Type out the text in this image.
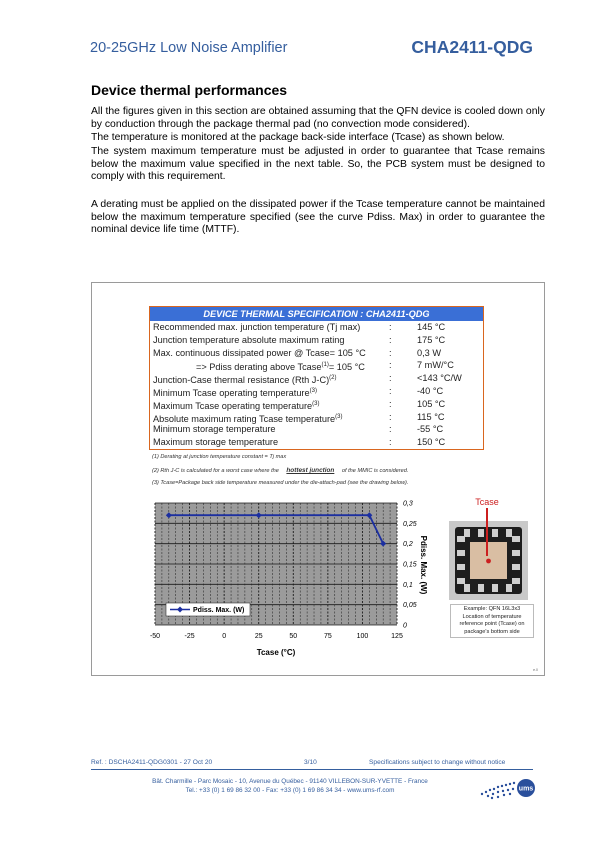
20-25GHz Low Noise Amplifier	CHA2411-QDG
Device thermal performances
All the figures given in this section are obtained assuming that the QFN device is cooled down only by conduction through the package thermal pad (no convection mode considered).
The temperature is monitored at the package back-side interface (Tcase) as shown below.
The system maximum temperature must be adjusted in order to guarantee that Tcase remains below the maximum value specified in the next table. So, the PCB system must be designed to comply with this requirement.
A derating must be applied on the dissipated power if the Tcase temperature cannot be maintained below the maximum temperature specified (see the curve Pdiss. Max) in order to guarantee the nominal device life time (MTTF).
DEVICE THERMAL SPECIFICATION : CHA2411-QDG
Recommended max. junction temperature (Tj max)	:	145 °C
Junction temperature absolute maximum rating	:	175 °C
Max. continuous dissipated power @ Tcase= 105 °C	:	0,3 W
=> Pdiss derating above Tcase$^{(1)}$= 105 °C	:	7 mW/°C
Junction-Case thermal resistance (Rth J-C)$^{(2)}$	:	<143 °C/W
Minimum Tcase operating temperature$^{(3)}$	:	-40 °C
Maximum Tcase operating temperature$^{(3)}$	:	105 °C
Absolute maximum rating Tcase temperature$^{(3)}$	:	115 °C
Minimum storage temperature	:	-55 °C
Maximum storage temperature	:	150 °C
(1) Derating at junction temperature constant = Tj max
(2) Rth J-C is calculated for a worst case where the hottest junction of the MMIC is considered.
(3) Tcase=Package back side temperature measured under the die-attach-pad (see the drawing below).
-50	-25	0	25	50	75	100	125
0
0,05
0,1
0,15
0,2
0,25
0,3
Pdiss. Max. (W)
Tcase (°C)
Pdiss. Max. (W)
Tcase
e.0
Example: QFN 16L3x3
Location of temperature
reference point (Tcase) on
package's bottom side
Ref. : DSCHA2411-QDG0301 - 27 Oct 20	3/10	Specifications subject to change without notice
Bât. Charmille - Parc Mosaic - 10, Avenue du Québec - 91140 VILLEBON-SUR-YVETTE - France
Tel.: +33 (0) 1 69 86 32 00 - Fax: +33 (0) 1 69 86 34 34 - www.ums-rf.com	ums
